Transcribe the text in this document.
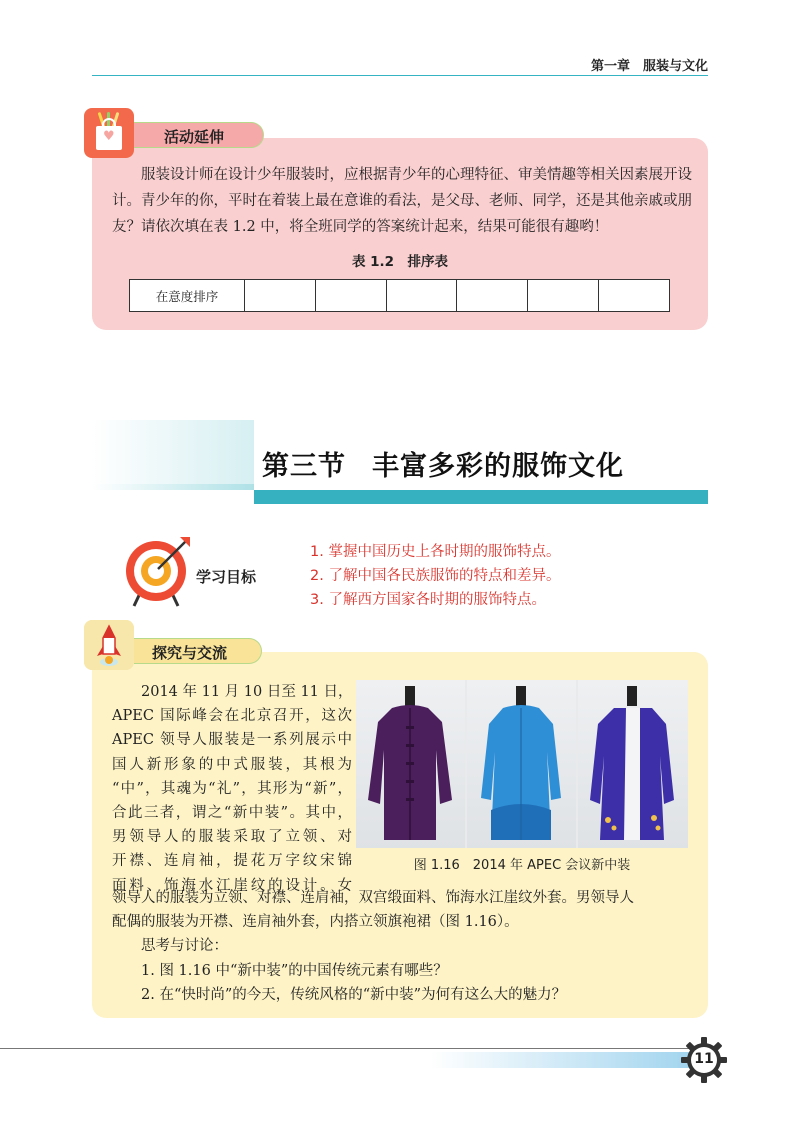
第一章　服装与文化
活动延伸
♥
服装设计师在设计少年服装时，应根据青少年的心理特征、审美情趣等相关因素展开设计。青少年的你，平时在着装上最在意谁的看法，是父母、老师、同学，还是其他亲戚或朋友？请依次填在表 1.2 中，将全班同学的答案统计起来，结果可能很有趣哟！
表 1.2　排序表
在意度排序						
第三节 丰富多彩的服饰文化
学习目标
1. 掌握中国历史上各时期的服饰特点。
2. 了解中国各民族服饰的特点和差异。
3. 了解西方国家各时期的服饰特点。
探究与交流
2014 年 11 月 10 日至 11 日，
APEC 国际峰会在北京召开，这次
APEC 领导人服装是一系列展示中
国人新形象的中式服装，其根为
“中”，其魂为“礼”，其形为“新”，
合此三者，谓之“新中装”。其中，
男领导人的服装采取了立领、对
开襟、连肩袖，提花万字纹宋锦
面料、饰海水江崖纹的设计。女
图 1.16　2014 年 APEC 会议新中装
领导人的服装为立领、对襟、连肩袖，双宫缎面料、饰海水江崖纹外套。男领导人
配偶的服装为开襟、连肩袖外套，内搭立领旗袍裙（图 1.16）。
思考与讨论：
1. 图 1.16 中“新中装”的中国传统元素有哪些？
2. 在“快时尚”的今天，传统风格的“新中装”为何有这么大的魅力？
11
